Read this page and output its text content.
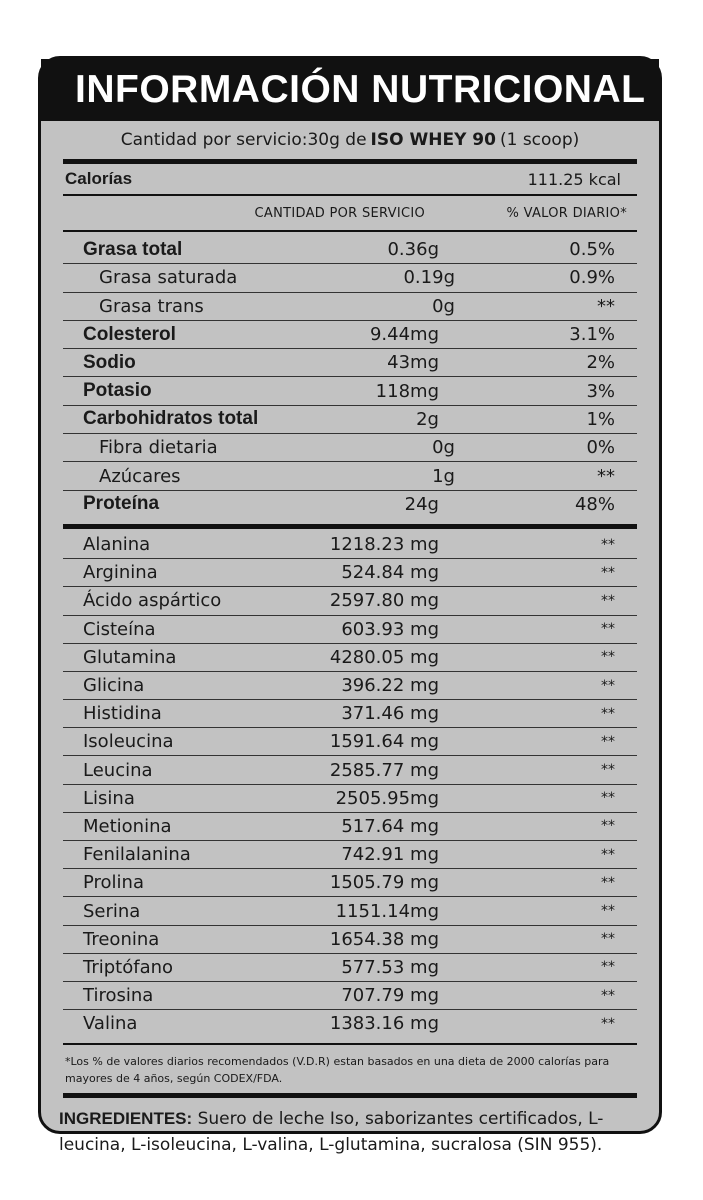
INFORMACIÓN NUTRICIONAL
Cantidad por servicio:30g de ISO WHEY 90 (1 scoop)
Calorías	111.25 kcal
CANTIDAD POR SERVICIO	% VALOR DIARIO*
Grasa total	0.36g	0.5%
Grasa saturada	0.19g	0.9%
Grasa trans	0g	**
Colesterol	9.44mg	3.1%
Sodio	43mg	2%
Potasio	118mg	3%
Carbohidratos total	2g	1%
Fibra dietaria	0g	0%
Azúcares	1g	**
Proteína	24g	48%
Alanina	1218.23 mg	**
Arginina	524.84 mg	**
Ácido aspártico	2597.80 mg	**
Cisteína	603.93 mg	**
Glutamina	4280.05 mg	**
Glicina	396.22 mg	**
Histidina	371.46 mg	**
Isoleucina	1591.64 mg	**
Leucina	2585.77 mg	**
Lisina	2505.95mg	**
Metionina	517.64 mg	**
Fenilalanina	742.91 mg	**
Prolina	1505.79 mg	**
Serina	1151.14mg	**
Treonina	1654.38 mg	**
Triptófano	577.53 mg	**
Tirosina	707.79 mg	**
Valina	1383.16 mg	**
*Los % de valores diarios recomendados (V.D.R) estan basados en una dieta de 2000 calorías para mayores de 4 años, según CODEX/FDA.
INGREDIENTES: Suero de leche Iso, saborizantes certificados, L-leucina, L-isoleucina, L-valina, L-glutamina, sucralosa (SIN 955).
